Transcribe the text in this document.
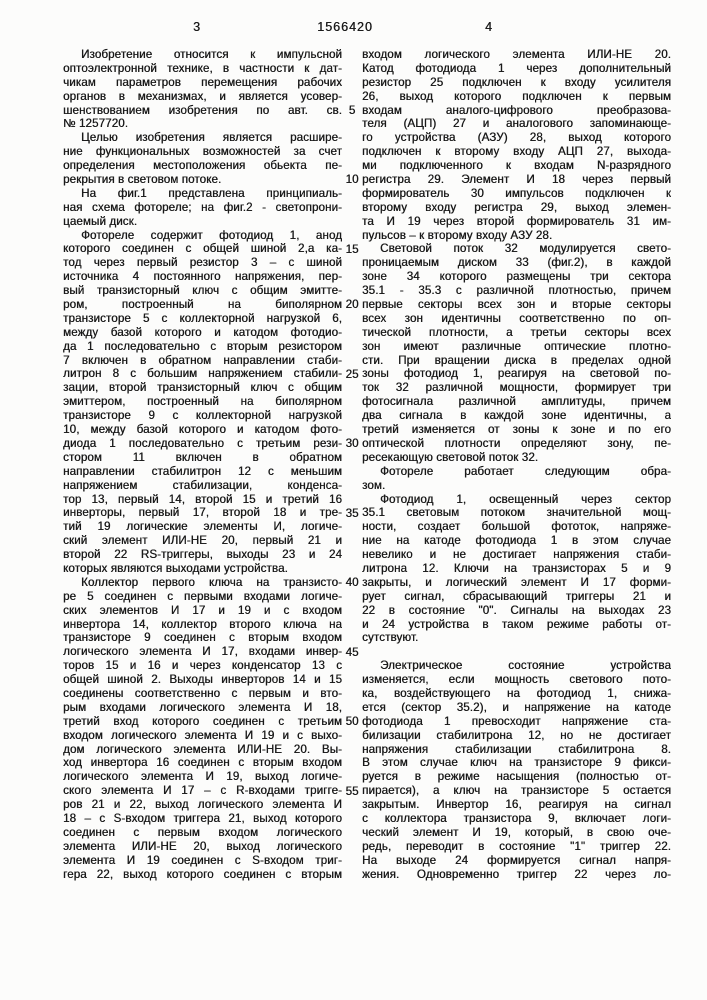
3	1566420	4
Изобретение относится к импульсной
оптоэлектронной технике, в частности к дат-
чикам параметров перемещения рабочих
органов в механизмах, и является усовер-
шенствованием изобретения по авт. св.
№ 1257720.
Целью изобретения является расшире-
ние функциональных возможностей за счет
определения местоположения обьекта пе-
рекрытия в световом потоке.
На фиг.1 представлена принципиаль-
ная схема фотореле; на фиг.2 - светопрони-
цаемый диск.
Фотореле содержит фотодиод 1, анод
которого соединен с общей шиной 2,а ка-
тод через первый резистор 3 – с шиной
источника 4 постоянного напряжения, пер-
вый транзисторный ключ с общим эмитте-
ром, построенный на биполярном
транзисторе 5 с коллекторной нагрузкой 6,
между базой которого и катодом фотодио-
да 1 последовательно с вторым резистором
7 включен в обратном направлении стаби-
литрон 8 с большим напряжением стабили-
зации, второй транзисторный ключ с общим
эмиттером, построенный на биполярном
транзисторе 9 с коллекторной нагрузкой
10, между базой которого и катодом фото-
диода 1 последовательно с третьим рези-
стором 11 включен в обратном
направлении стабилитрон 12 с меньшим
напряжением стабилизации, конденса-
тор 13, первый 14, второй 15 и третий 16
инверторы, первый 17, второй 18 и тре-
тий 19 логические элементы И, логиче-
ский элемент ИЛИ-НЕ 20, первый 21 и
второй 22 RS-триггеры, выходы 23 и 24
которых являются выходами устройства.
Коллектор первого ключа на транзисто-
ре 5 соединен с первыми входами логиче-
ских элементов И 17 и 19 и с входом
инвертора 14, коллектор второго ключа на
транзисторе 9 соединен с вторым входом
логического элемента И 17, входами инвер-
торов 15 и 16 и через конденсатор 13 с
общей шиной 2. Выходы инверторов 14 и 15
соединены соответственно с первым и вто-
рым входами логического элемента И 18,
третий вход которого соединен с третьим
входом логического элемента И 19 и с выхо-
дом логического элемента ИЛИ-НЕ 20. Вы-
ход инвертора 16 соединен с вторым входом
логического элемента И 19, выход логиче-
ского элемента И 17 – с R-входами тригге-
ров 21 и 22, выход логического элемента И
18 – с S-входом триггера 21, выход которого
соединен с первым входом логического
элемента ИЛИ-НЕ 20, выход логического
элемента И 19 соединен с S-входом триг-
гера 22, выход которого соединен с вторым
5
10
15
20
25
30
35
40
45
50
55
входом логического элемента ИЛИ-НЕ 20.
Катод фотодиода 1 через дополнительный
резистор 25 подключен к входу усилителя
26, выход которого подключен к первым
входам аналого-цифрового преобразова-
теля (АЦП) 27 и аналогового запоминающе-
го устройства (АЗУ) 28, выход которого
подключен к второму входу АЦП 27, выхода-
ми подключенного к входам N-разрядного
регистра 29. Элемент И 18 через первый
формирователь 30 импульсов подключен к
второму входу регистра 29, выход элемен-
та И 19 через второй формирователь 31 им-
пульсов – к второму входу АЗУ 28.
Световой поток 32 модулируется свето-
проницаемым диском 33 (фиг.2), в каждой
зоне 34 которого размещены три сектора
35.1 - 35.3 с различной плотностью, причем
первые секторы всех зон и вторые секторы
всех зон идентичны соответственно по оп-
тической плотности, а третьи секторы всех
зон имеют различные оптические плотно-
сти. При вращении диска в пределах одной
зоны фотодиод 1, реагируя на световой по-
ток 32 различной мощности, формирует три
фотосигнала различной амплитуды, причем
два сигнала в каждой зоне идентичны, а
третий изменяется от зоны к зоне и по его
оптической плотности определяют зону, пе-
ресекающую световой поток 32.
Фотореле работает следующим обра-
зом.
Фотодиод 1, освещенный через сектор
35.1 световым потоком значительной мощ-
ности, создает большой фототок, напряже-
ние на катоде фотодиода 1 в этом случае
невелико и не достигает напряжения стаби-
литрона 12. Ключи на транзисторах 5 и 9
закрыты, и логический элемент И 17 форми-
рует сигнал, сбрасывающий триггеры 21 и
22 в состояние "0". Сигналы на выходах 23
и 24 устройства в таком режиме работы от-
сутствуют.
Электрическое состояние устройства
изменяется, если мощность светового пото-
ка, воздействующего на фотодиод 1, снижа-
ется (сектор 35.2), и напряжение на катоде
фотодиода 1 превосходит напряжение ста-
билизации стабилитрона 12, но не достигает
напряжения стабилизации стабилитрона 8.
В этом случае ключ на транзисторе 9 фикси-
руется в режиме насыщения (полностью от-
пирается), а ключ на транзисторе 5 остается
закрытым. Инвертор 16, реагируя на сигнал
с коллектора транзистора 9, включает логи-
ческий элемент И 19, который, в свою оче-
редь, переводит в состояние "1" триггер 22.
На выходе 24 формируется сигнал напря-
жения. Одновременно триггер 22 через ло-
